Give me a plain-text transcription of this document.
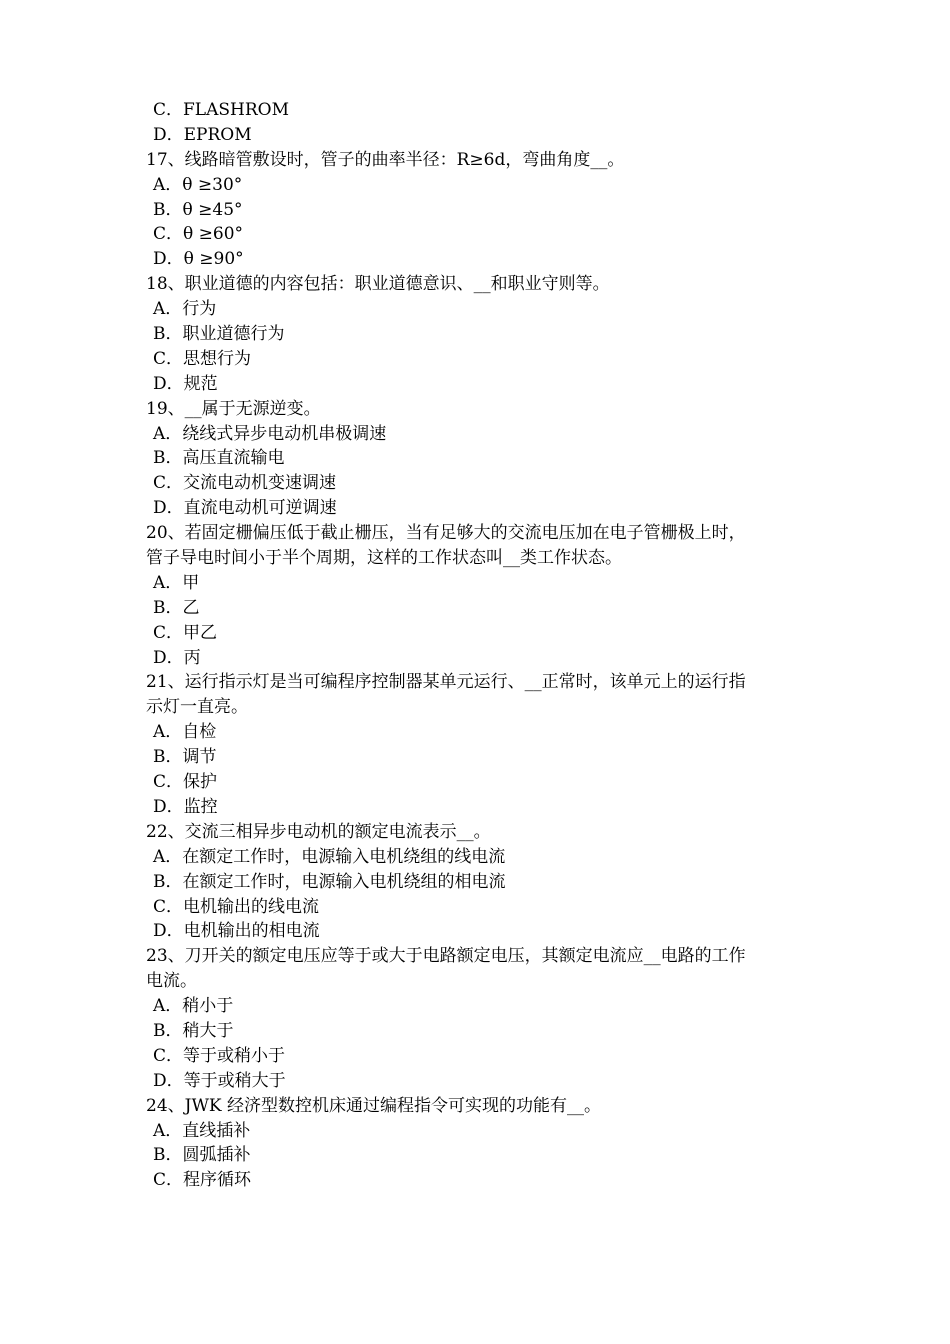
C．FLASHROM
D．EPROM
17、线路暗管敷设时，管子的曲率半径：R≥6d，弯曲角度__。
A．θ ≥30°
B．θ ≥45°
C．θ ≥60°
D．θ ≥90°
18、职业道德的内容包括：职业道德意识、__和职业守则等。
A．行为
B．职业道德行为
C．思想行为
D．规范
19、__属于无源逆变。
A．绕线式异步电动机串极调速
B．高压直流输电
C．交流电动机变速调速
D．直流电动机可逆调速
20、若固定栅偏压低于截止栅压，当有足够大的交流电压加在电子管栅极上时，
管子导电时间小于半个周期，这样的工作状态叫__类工作状态。
A．甲
B．乙
C．甲乙
D．丙
21、运行指示灯是当可编程序控制器某单元运行、__正常时，该单元上的运行指
示灯一直亮。
A．自检
B．调节
C．保护
D．监控
22、交流三相异步电动机的额定电流表示__。
A．在额定工作时，电源输入电机绕组的线电流
B．在额定工作时，电源输入电机绕组的相电流
C．电机输出的线电流
D．电机输出的相电流
23、刀开关的额定电压应等于或大于电路额定电压，其额定电流应__电路的工作
电流。
A．稍小于
B．稍大于
C．等于或稍小于
D．等于或稍大于
24、JWK 经济型数控机床通过编程指令可实现的功能有__。
A．直线插补
B．圆弧插补
C．程序循环
